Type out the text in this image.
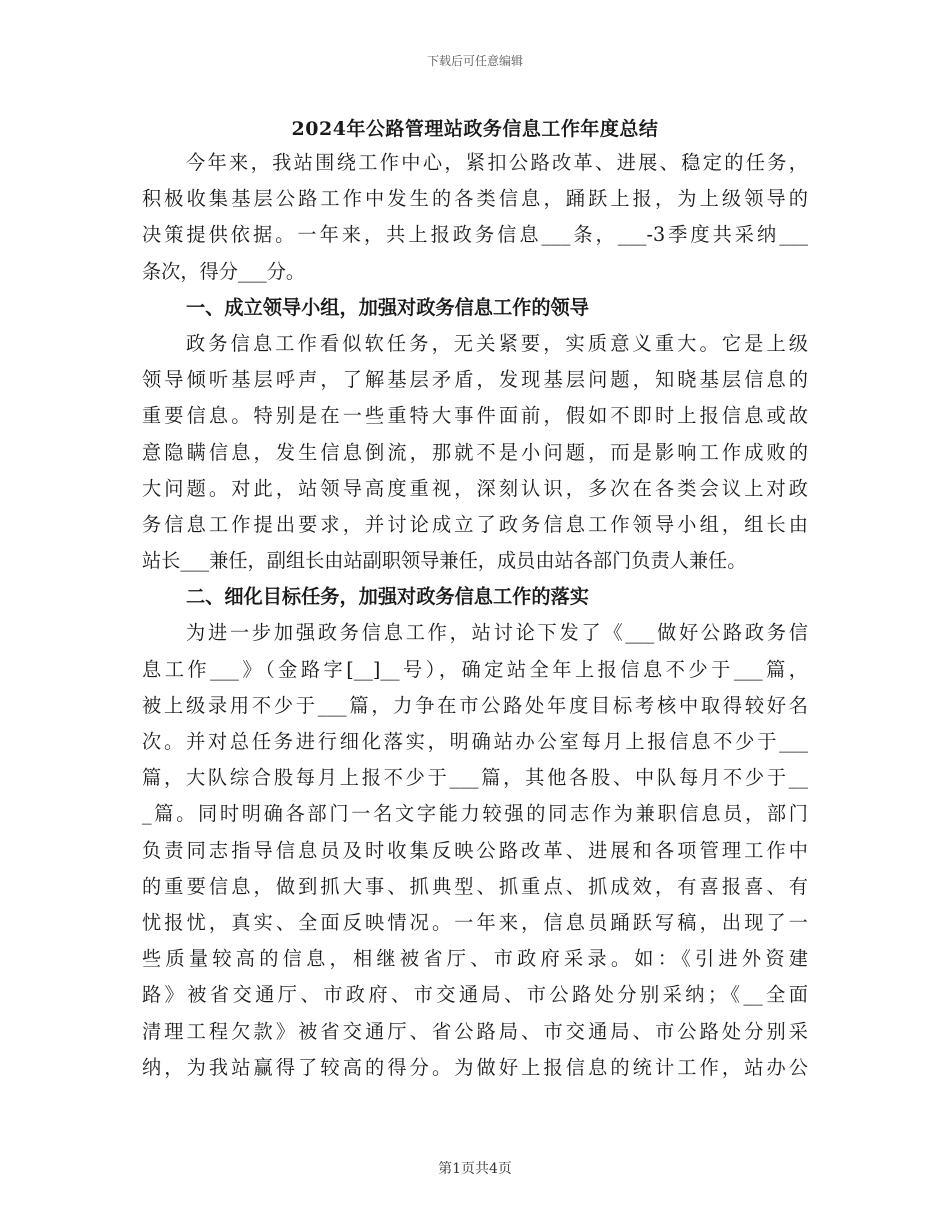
下载后可任意编辑
2024年公路管理站政务信息工作年度总结
今年来，我站围绕工作中心，紧扣公路改革、进展、稳定的任务，
积极收集基层公路工作中发生的各类信息，踊跃上报，为上级领导的
决策提供依据。一年来，共上报政务信息___条，___-3季度共采纳___
条次，得分___分。
一、成立领导小组，加强对政务信息工作的领导
政务信息工作看似软任务，无关紧要，实质意义重大。它是上级
领导倾听基层呼声，了解基层矛盾，发现基层问题，知晓基层信息的
重要信息。特别是在一些重特大事件面前，假如不即时上报信息或故
意隐瞒信息，发生信息倒流，那就不是小问题，而是影响工作成败的
大问题。对此，站领导高度重视，深刻认识，多次在各类会议上对政
务信息工作提出要求，并讨论成立了政务信息工作领导小组，组长由
站长___兼任，副组长由站副职领导兼任，成员由站各部门负责人兼任。
二、细化目标任务，加强对政务信息工作的落实
为进一步加强政务信息工作，站讨论下发了《___做好公路政务信
息工作___》（金路字[__]__号），确定站全年上报信息不少于___篇，
被上级录用不少于___篇，力争在市公路处年度目标考核中取得较好名
次。并对总任务进行细化落实，明确站办公室每月上报信息不少于___
篇，大队综合股每月上报不少于___篇，其他各股、中队每月不少于__
_篇。同时明确各部门一名文字能力较强的同志作为兼职信息员，部门
负责同志指导信息员及时收集反映公路改革、进展和各项管理工作中
的重要信息，做到抓大事、抓典型、抓重点、抓成效，有喜报喜、有
忧报忧，真实、全面反映情况。一年来，信息员踊跃写稿，出现了一
些质量较高的信息，相继被省厅、市政府采录。如：《引进外资建
路》被省交通厅、市政府、市交通局、市公路处分别采纳；《__全面
清理工程欠款》被省交通厅、省公路局、市交通局、市公路处分别采
纳，为我站赢得了较高的得分。为做好上报信息的统计工作，站办公
第1页共4页
